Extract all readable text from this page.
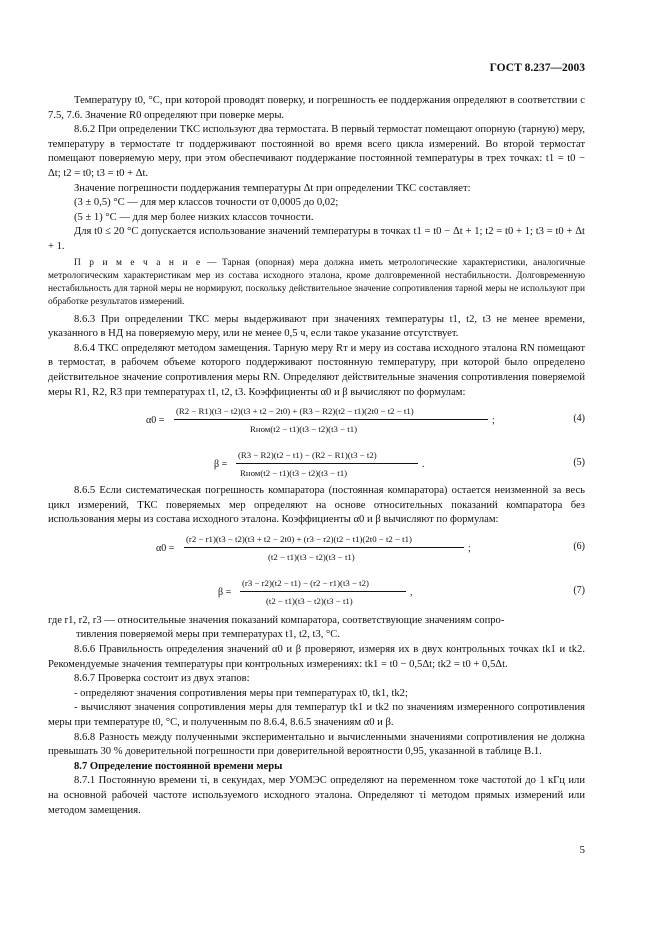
ГОСТ 8.237—2003

Температуру t0, °C, при которой проводят поверку, и погрешность ее поддержания определяют в соответствии с 7.5, 7.6. Значение R0 определяют при поверке меры.

8.6.2 При определении ТКС используют два термостата. В первый термостат помещают опорную (тарную) меру, температуру в термостате tт поддерживают постоянной во время всего цикла измерений. Во второй термостат помещают поверяемую меру, при этом обеспечивают поддержание постоянной температуры в трех точках: t1 = t0 − Δt; t2 = t0; t3 = t0 + Δt.

Значение погрешности поддержания температуры Δt при определении ТКС составляет:

(3 ± 0,5) °C — для мер классов точности от 0,0005 до 0,02;

(5 ± 1) °C — для мер более низких классов точности.

Для t0 ≤ 20 °C допускается использование значений температуры в точках t1 = t0 − Δt + 1; t2 = t0 + 1; t3 = t0 + Δt + 1.

П р и м е ч а н и е — Тарная (опорная) мера должна иметь метрологические характеристики, аналогичные метрологическим характеристикам мер из состава исходного эталона, кроме долговременной нестабильности. Долговременную нестабильность для тарной меры не нормируют, поскольку действительное значение сопротивления тарной меры не используют при обработке результатов измерений.

8.6.3 При определении ТКС меры выдерживают при значениях температуры t1, t2, t3 не менее времени, указанного в НД на поверяемую меру, или не менее 0,5 ч, если такое указание отсутствует.

8.6.4 ТКС определяют методом замещения. Тарную меру Rт и меру из состава исходного эталона RN помещают в термостат, в рабочем объеме которого поддерживают постоянную температуру, при которой было определено действительное значение сопротивления меры RN. Определяют действительные значения сопротивления поверяемой меры R1, R2, R3 при температурах t1, t2, t3. Коэффициенты α0 и β вычисляют по формулам:

α0 =
(R2 − R1)(t3 − t2)(t3 + t2 − 2t0) + (R3 − R2)(t2 − t1)(2t0 − t2 − t1)
Rном(t2 − t1)(t3 − t2)(t3 − t1)
;	(4)
β =
(R3 − R2)(t2 − t1) − (R2 − R1)(t3 − t2)
Rном(t2 − t1)(t3 − t2)(t3 − t1)
.	(5)

8.6.5 Если систематическая погрешность компаратора (постоянная компаратора) остается неизменной за весь цикл измерений, ТКС поверяемых мер определяют на основе относительных показаний компаратора без использования меры из состава исходного эталона. Коэффициенты α0 и β вычисляют по формулам:

α0 =
(r2 − r1)(t3 − t2)(t3 + t2 − 2t0) + (r3 − r2)(t2 − t1)(2t0 − t2 − t1)
(t2 − t1)(t3 − t2)(t3 − t1)
;	(6)
β =
(r3 − r2)(t2 − t1) − (r2 − r1)(t3 − t2)
(t2 − t1)(t3 − t2)(t3 − t1)
,	(7)

где r1, r2, r3 — относительные значения показаний компаратора, соответствующие значениям сопро-

тивления поверяемой меры при температурах t1, t2, t3, °C.

8.6.6 Правильность определения значений α0 и β проверяют, измеряя их в двух контрольных точках tk1 и tk2. Рекомендуемые значения температуры при контрольных измерениях: tk1 = t0 − 0,5Δt; tk2 = t0 + 0,5Δt.

8.6.7 Проверка состоит из двух этапов:

- определяют значения сопротивления меры при температурах t0, tk1, tk2;

- вычисляют значения сопротивления меры для температур tk1 и tk2 по значениям измеренного сопротивления меры при температуре t0, °C, и полученным по 8.6.4, 8.6.5 значениям α0 и β.

8.6.8 Разность между полученными экспериментально и вычисленными значениями сопротивления не должна превышать 30 % доверительной погрешности при доверительной вероятности 0,95, указанной в таблице В.1.

8.7 Определение постоянной времени меры

8.7.1 Постоянную времени τi, в секундах, мер УОМЭС определяют на переменном токе частотой до 1 кГц или на основной рабочей частоте используемого исходного эталона. Определяют τi методом прямых измерений или методом замещения.

5
